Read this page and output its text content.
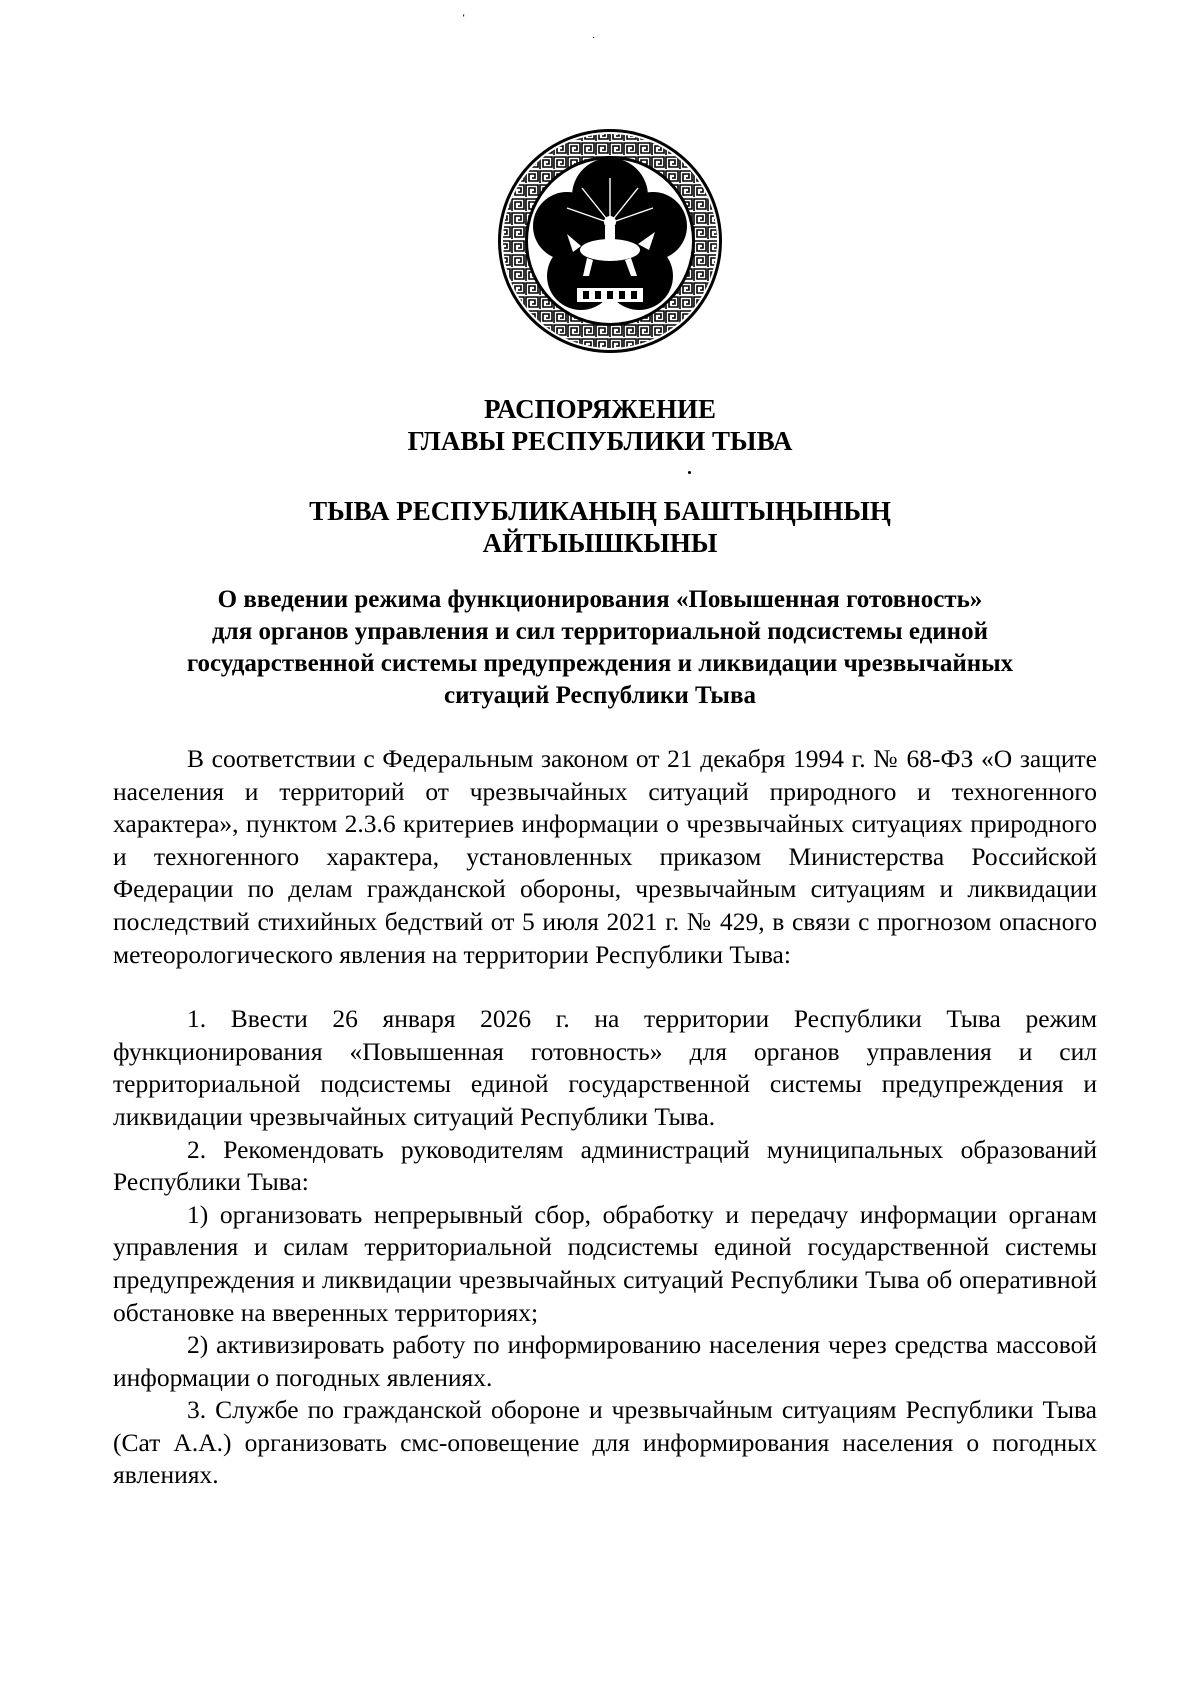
‘
·
РАСПОРЯЖЕНИЕ
ГЛАВЫ РЕСПУБЛИКИ ТЫВА
ТЫВА РЕСПУБЛИКАНЫҢ БАШТЫҢЫНЫҢ
АЙТЫЫШКЫНЫ
О введении режима функционирования «Повышенная готовность»
для органов управления и сил территориальной подсистемы единой
государственной системы предупреждения и ликвидации чрезвычайных
ситуаций Республики Тыва

В соответствии с Федеральным законом от 21 декабря 1994 г. № 68-ФЗ «О защите населения и территорий от чрезвычайных ситуаций природного и техногенного характера», пунктом 2.3.6 критериев информации о чрезвычайных ситуациях природного и техногенного характера, установленных приказом Министерства Российской Федерации по делам гражданской обороны, чрезвычайным ситуациям и ликвидации последствий стихийных бедствий от 5 июля 2021 г. № 429, в связи с прогнозом опасного метеорологического явления на территории Республики Тыва:

1. Ввести 26 января 2026 г. на территории Республики Тыва режим функционирования «Повышенная готовность» для органов управления и сил территориальной подсистемы единой государственной системы предупреждения и ликвидации чрезвычайных ситуаций Республики Тыва.

2. Рекомендовать руководителям администраций муниципальных образований Республики Тыва:

1) организовать непрерывный сбор, обработку и передачу информации органам управления и силам территориальной подсистемы единой государственной системы предупреждения и ликвидации чрезвычайных ситуаций Республики Тыва об оперативной обстановке на вверенных территориях;

2) активизировать работу по информированию населения через средства массовой информации о погодных явлениях.

3. Службе по гражданской обороне и чрезвычайным ситуациям Республики Тыва (Сат А.А.) организовать смс-оповещение для информирования населения о погодных явлениях.
